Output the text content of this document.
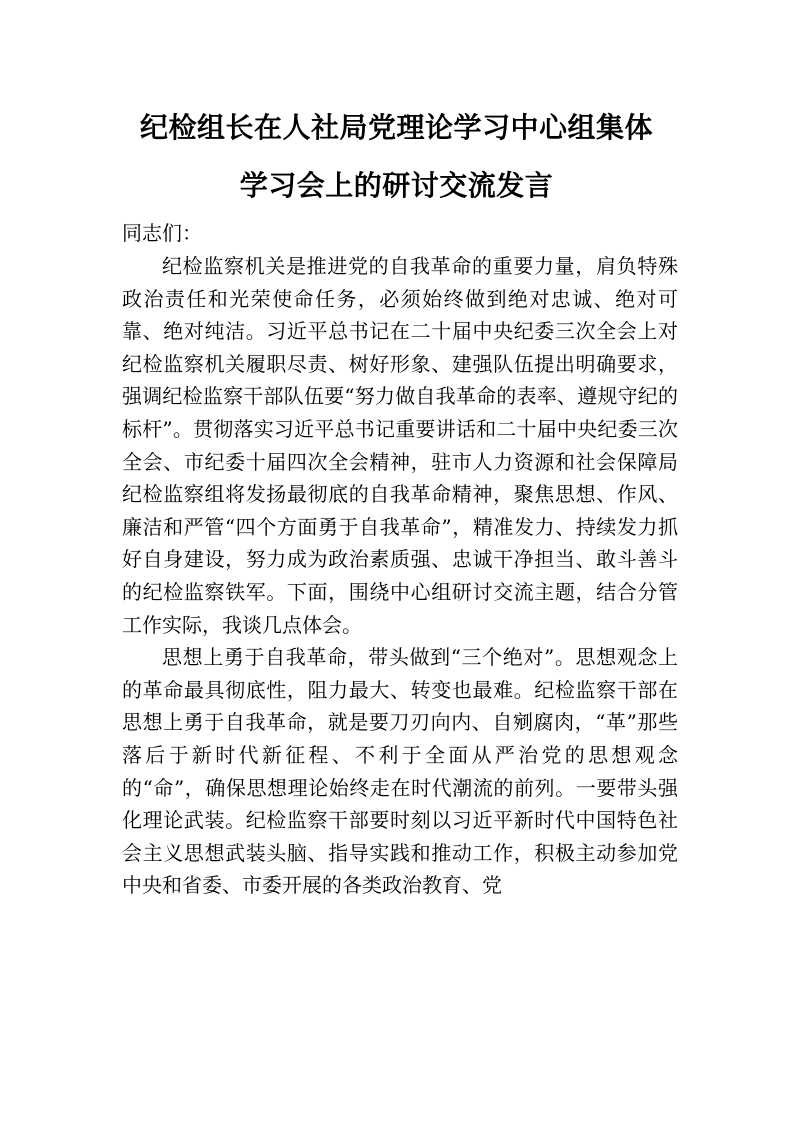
纪检组长在人社局党理论学习中心组集体
学习会上的研讨交流发言
同志们：

纪检监察机关是推进党的自我革命的重要力量，肩负特殊政治责任和光荣使命任务，必须始终做到绝对忠诚、绝对可靠、绝对纯洁。习近平总书记在二十届中央纪委三次全会上对纪检监察机关履职尽责、树好形象、建强队伍提出明确要求，强调纪检监察干部队伍要“努力做自我革命的表率、遵规守纪的标杆”。贯彻落实习近平总书记重要讲话和二十届中央纪委三次全会、市纪委十届四次全会精神，驻市人力资源和社会保障局纪检监察组将发扬最彻底的自我革命精神，聚焦思想、作风、廉洁和严管“四个方面勇于自我革命”，精准发力、持续发力抓好自身建设，努力成为政治素质强、忠诚干净担当、敢斗善斗的纪检监察铁军。下面，围绕中心组研讨交流主题，结合分管工作实际，我谈几点体会。

思想上勇于自我革命，带头做到“三个绝对”。思想观念上的革命最具彻底性，阻力最大、转变也最难。纪检监察干部在思想上勇于自我革命，就是要刀刃向内、自剜腐肉，“革”那些落后于新时代新征程、不利于全面从严治党的思想观念的“命”，确保思想理论始终走在时代潮流的前列。一要带头强化理论武装。纪检监察干部要时刻以习近平新时代中国特色社会主义思想武装头脑、指导实践和推动工作，积极主动参加党中央和省委、市委开展的各类政治教育、党
